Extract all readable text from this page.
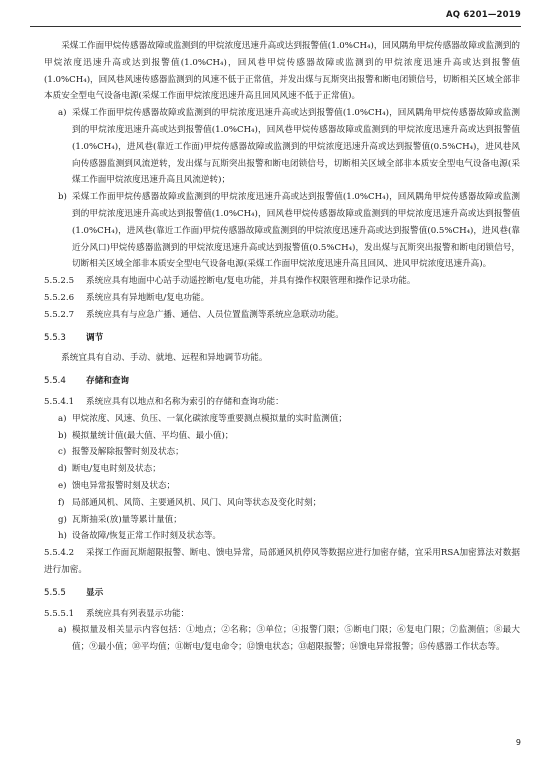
AQ 6201—2019
采煤工作面甲烷传感器故障或监测到的甲烷浓度迅速升高或达到报警值(1.0%CH₄)，回风隅角甲烷传感器故障或监测到的甲烷浓度迅速升高或达到报警值(1.0%CH₄)，回风巷甲烷传感器故障或监测到的甲烷浓度迅速升高或达到报警值(1.0%CH₄)，回风巷风速传感器监测到的风速不低于正常值，并发出煤与瓦斯突出报警和断电闭锁信号，切断相关区域全部非本质安全型电气设备电源(采煤工作面甲烷浓度迅速升高且回风风速不低于正常值)。
a) 采煤工作面甲烷传感器故障或监测到的甲烷浓度迅速升高或达到报警值(1.0%CH₄)，回风隅角甲烷传感器故障或监测到的甲烷浓度迅速升高或达到报警值(1.0%CH₄)，回风巷甲烷传感器故障或监测到的甲烷浓度迅速升高或达到报警值(1.0%CH₄)，进风巷(靠近工作面)甲烷传感器故障或监测到的甲烷浓度迅速升高或达到报警值(0.5%CH₄)，进风巷风向传感器监测到风流逆转，发出煤与瓦斯突出报警和断电闭锁信号，切断相关区域全部非本质安全型电气设备电源(采煤工作面甲烷浓度迅速升高且风流逆转)；
b) 采煤工作面甲烷传感器故障或监测到的甲烷浓度迅速升高或达到报警值(1.0%CH₄)，回风隅角甲烷传感器故障或监测到的甲烷浓度迅速升高或达到报警值(1.0%CH₄)，回风巷甲烷传感器故障或监测到的甲烷浓度迅速升高或达到报警值(1.0%CH₄)，进风巷(靠近工作面)甲烷传感器故障或监测到的甲烷浓度迅速升高或达到报警值(0.5%CH₄)，进风巷(靠近分风口)甲烷传感器监测到的甲烷浓度迅速升高或达到报警值(0.5%CH₄)，发出煤与瓦斯突出报警和断电闭锁信号，切断相关区域全部非本质安全型电气设备电源(采煤工作面甲烷浓度迅速升高且回风、进风甲烷浓度迅速升高)。
5.5.2.5 系统应具有地面中心站手动遥控断电/复电功能，并具有操作权限管理和操作记录功能。
5.5.2.6 系统应具有异地断电/复电功能。
5.5.2.7 系统应具有与应急广播、通信、人员位置监测等系统应急联动功能。
5.5.3 调节
系统宜具有自动、手动、就地、远程和异地调节功能。
5.5.4 存储和查询
5.5.4.1 系统应具有以地点和名称为索引的存储和查询功能：
a) 甲烷浓度、风速、负压、一氧化碳浓度等重要测点模拟量的实时监测值；
b) 模拟量统计值(最大值、平均值、最小值)；
c) 报警及解除报警时刻及状态；
d) 断电/复电时刻及状态；
e) 馈电异常报警时刻及状态；
f) 局部通风机、风筒、主要通风机、风门、风向等状态及变化时刻；
g) 瓦斯抽采(放)量等累计量值；
h) 设备故障/恢复正常工作时刻及状态等。
5.5.4.2 采探工作面瓦斯超限报警、断电、馈电异常，局部通风机停风等数据应进行加密存储，宜采用RSA加密算法对数据进行加密。
5.5.5 显示
5.5.5.1 系统应具有列表显示功能：
a) 模拟量及相关显示内容包括：①地点；②名称；③单位；④报警门限；⑤断电门限；⑥复电门限；⑦监测值；⑧最大值；⑨最小值；⑩平均值；⑪断电/复电命令；⑫馈电状态；⑬超限报警；⑭馈电异常报警；⑮传感器工作状态等。
9
